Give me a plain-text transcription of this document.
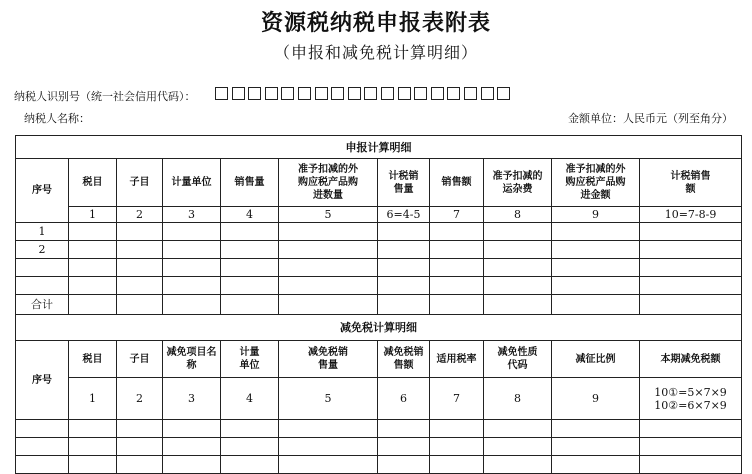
资源税纳税申报表附表
（申报和减免税计算明细）
纳税人识别号（统一社会信用代码）：
纳税人名称：	金额单位：人民币元（列至角分）
申报计算明细										
序号	税目	子目	计量单位	销售量	准予扣减的外
购应税产品购
进数量	计税销
售量	销售额	准予扣减的
运杂费	准予扣减的外
购应税产品购
进金额	计税销售
额

	1	2	3	4	5	6=4-5	7	8	9	10=7-8-9
1										
2										

合计										
减免税计算明细										
序号	税目	子目	减免项目名称	计量
单位	减免税销
售量	减免税销
售额	适用税率	减免性质
代码	减征比例	本期减免税额

	1	2	3	4	5	6	7	8	9	10①=5×7×9
10②=6×7×9
